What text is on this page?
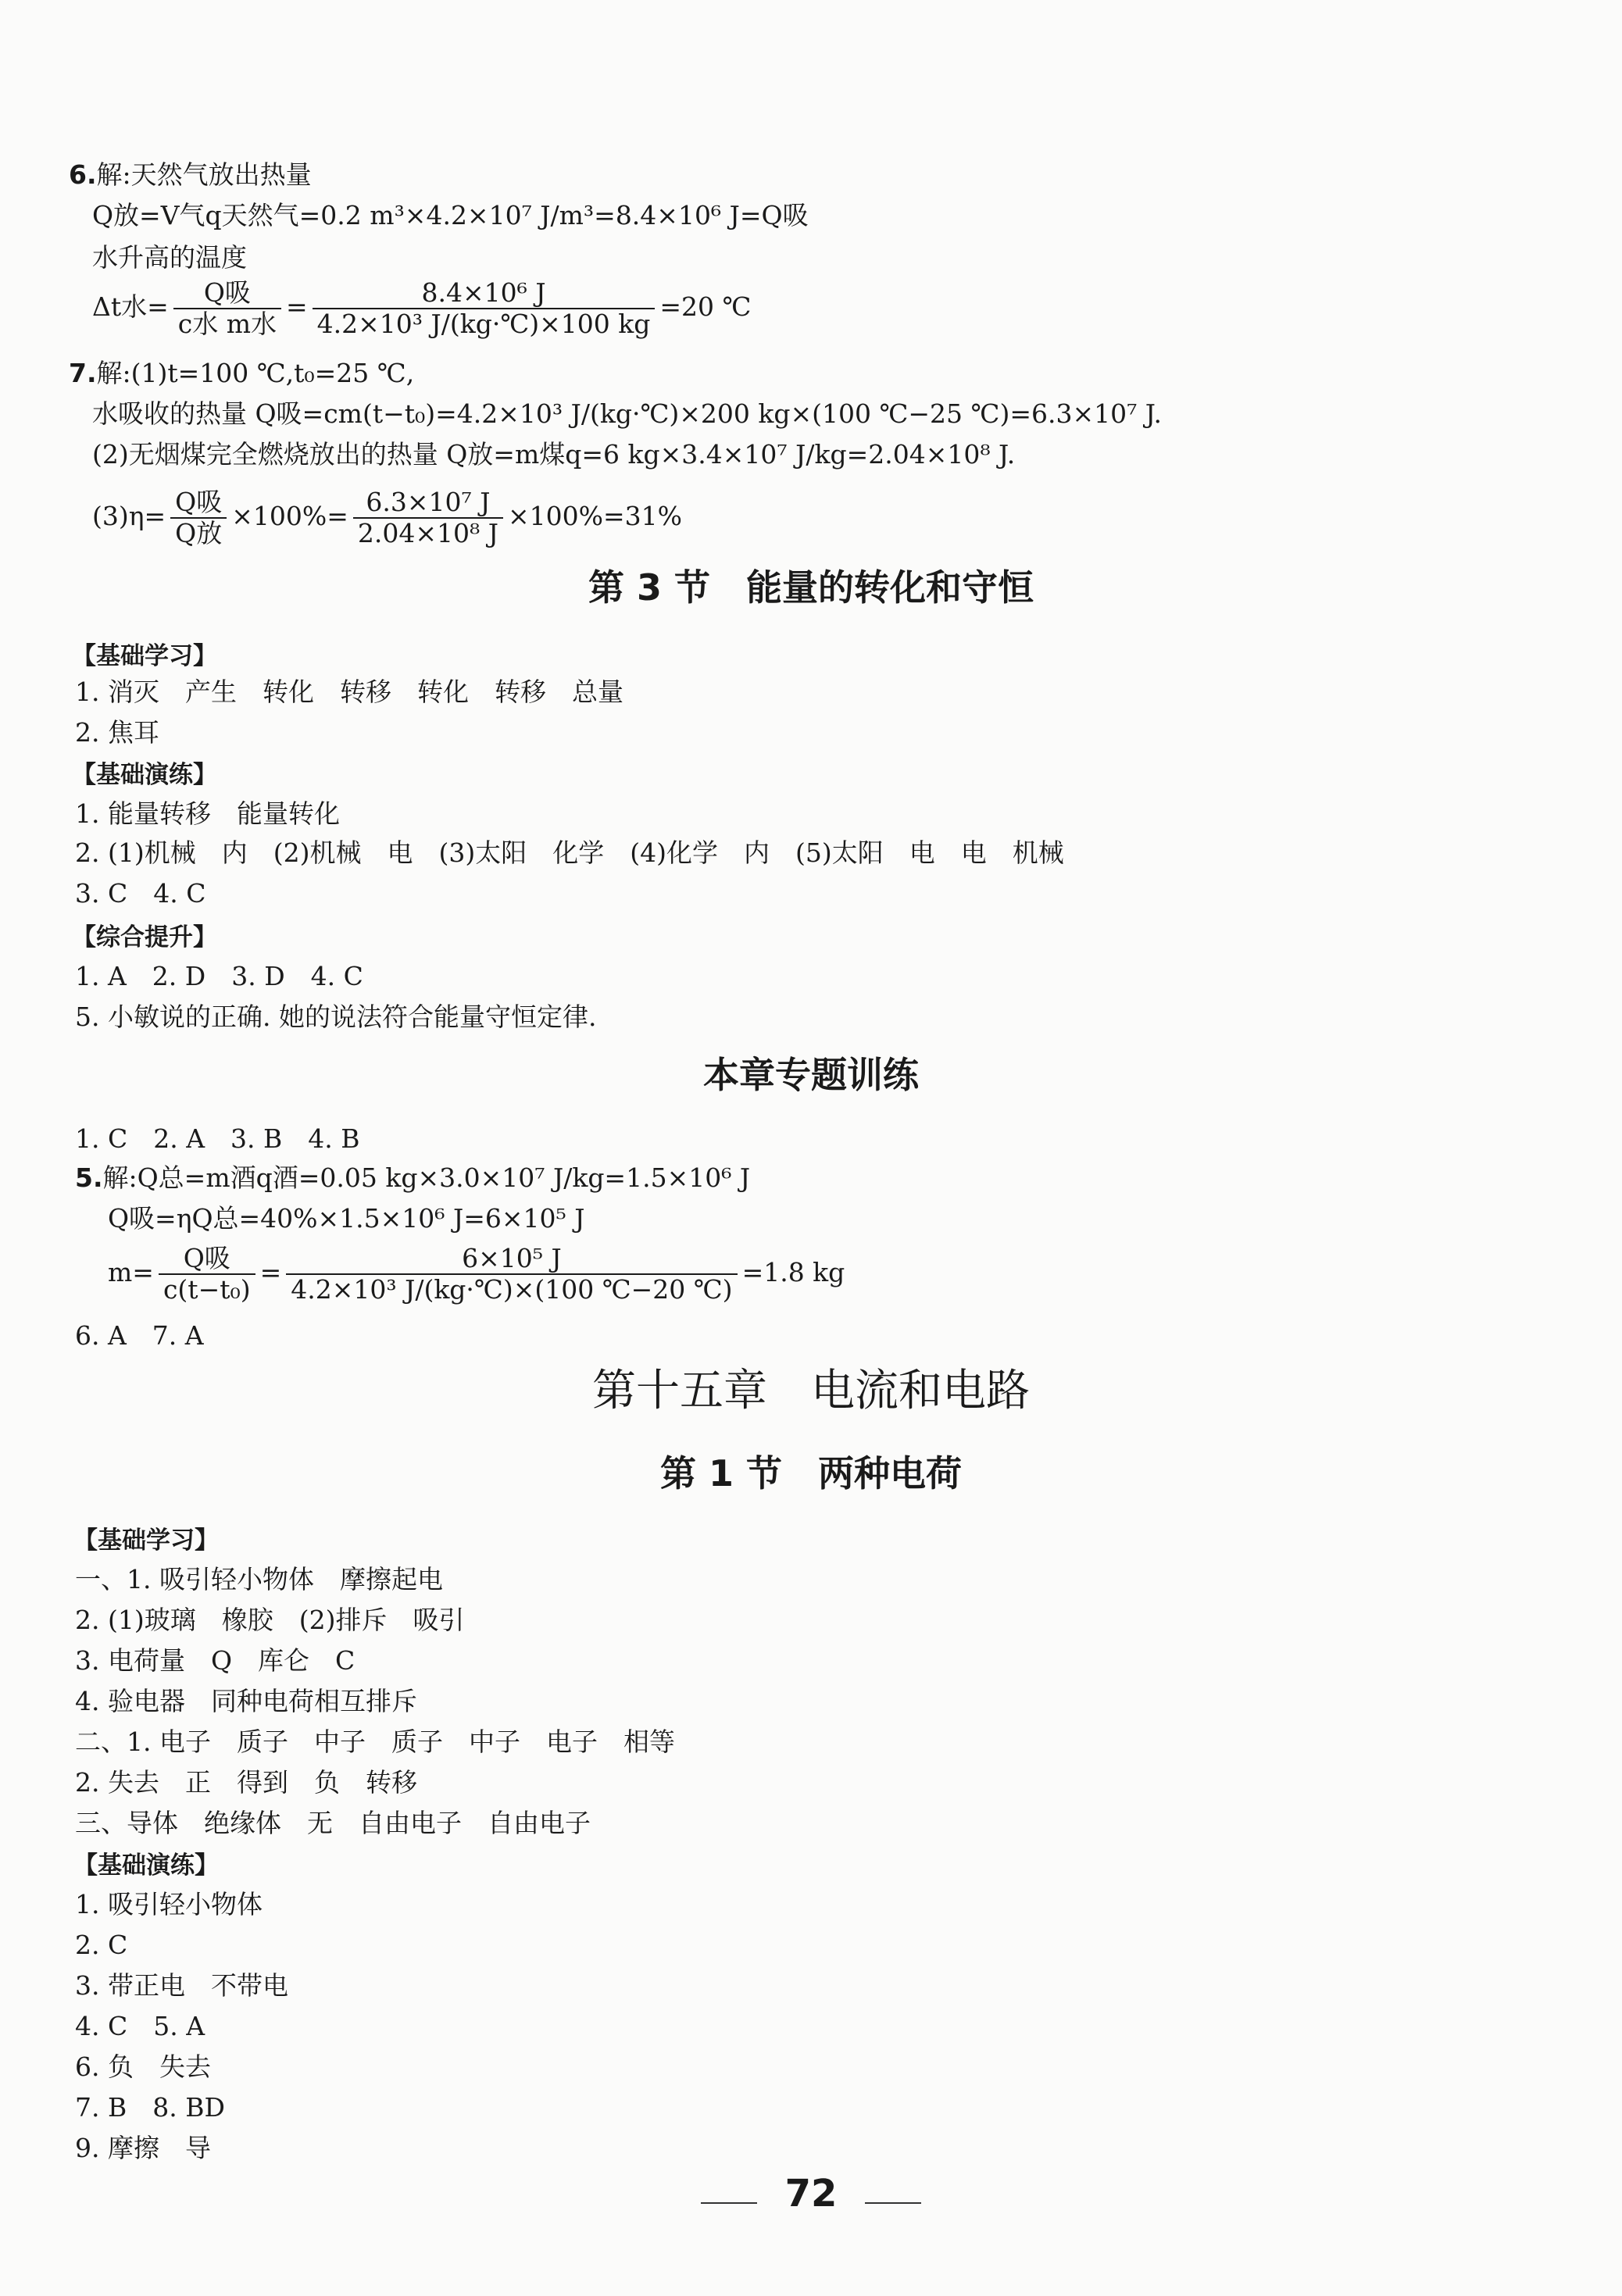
6.解:天然气放出热量
Q放=V气q天然气=0.2 m³×4.2×10⁷ J/m³=8.4×10⁶ J=Q吸
水升高的温度
Δt水= $\frac{\text{Q吸}}{\text{c水 m水}} = \frac{\text{8.4×10⁶ J}}{\text{4.2×10³ J/(kg·℃)×100 kg}} =20$ ℃
7.解:(1)t=100 ℃,t₀=25 ℃,
水吸收的热量 Q吸=cm(t−t₀)=4.2×10³ J/(kg·℃)×200 kg×(100 ℃−25 ℃)=6.3×10⁷ J.
(2)无烟煤完全燃烧放出的热量 Q放=m煤q=6 kg×3.4×10⁷ J/kg=2.04×10⁸ J.
$(3)\eta= \frac{\text{Q吸}}{\text{Q放}} \times 100\%= \frac{\text{6.3×10⁷ J}}{\text{2.04×10⁸ J}} \times 100\%=31\%$
第 3 节　能量的转化和守恒
【基础学习】
1. 消灭　产生　转化　转移　转化　转移　总量
2. 焦耳
【基础演练】
1. 能量转移　能量转化
2. (1)机械　内　(2)机械　电　(3)太阳　化学　(4)化学　内　(5)太阳　电　电　机械
3. C　4. C
【综合提升】
1. A　2. D　3. D　4. C
5. 小敏说的正确. 她的说法符合能量守恒定律.
本章专题训练
1. C　2. A　3. B　4. B
5.解:Q总=m酒q酒=0.05 kg×3.0×10⁷ J/kg=1.5×10⁶ J
Q吸=ηQ总=40%×1.5×10⁶ J=6×10⁵ J
$m= \frac{\text{Q吸}}{\text{c(t−t₀)}} = \frac{\text{6×10⁵ J}}{\text{4.2×10³ J/(kg·℃)×(100 ℃−20 ℃)}} =1.8$ kg
6. A　7. A
第十五章　电流和电路
第 1 节　两种电荷
【基础学习】
一、1. 吸引轻小物体　摩擦起电
2. (1)玻璃　橡胶　(2)排斥　吸引
3. 电荷量　Q　库仑　C
4. 验电器　同种电荷相互排斥
二、1. 电子　质子　中子　质子　中子　电子　相等
2. 失去　正　得到　负　转移
三、导体　绝缘体　无　自由电子　自由电子
【基础演练】
1. 吸引轻小物体
2. C
3. 带正电　不带电
4. C　5. A
6. 负　失去
7. B　8. BD
9. 摩擦　导
72
